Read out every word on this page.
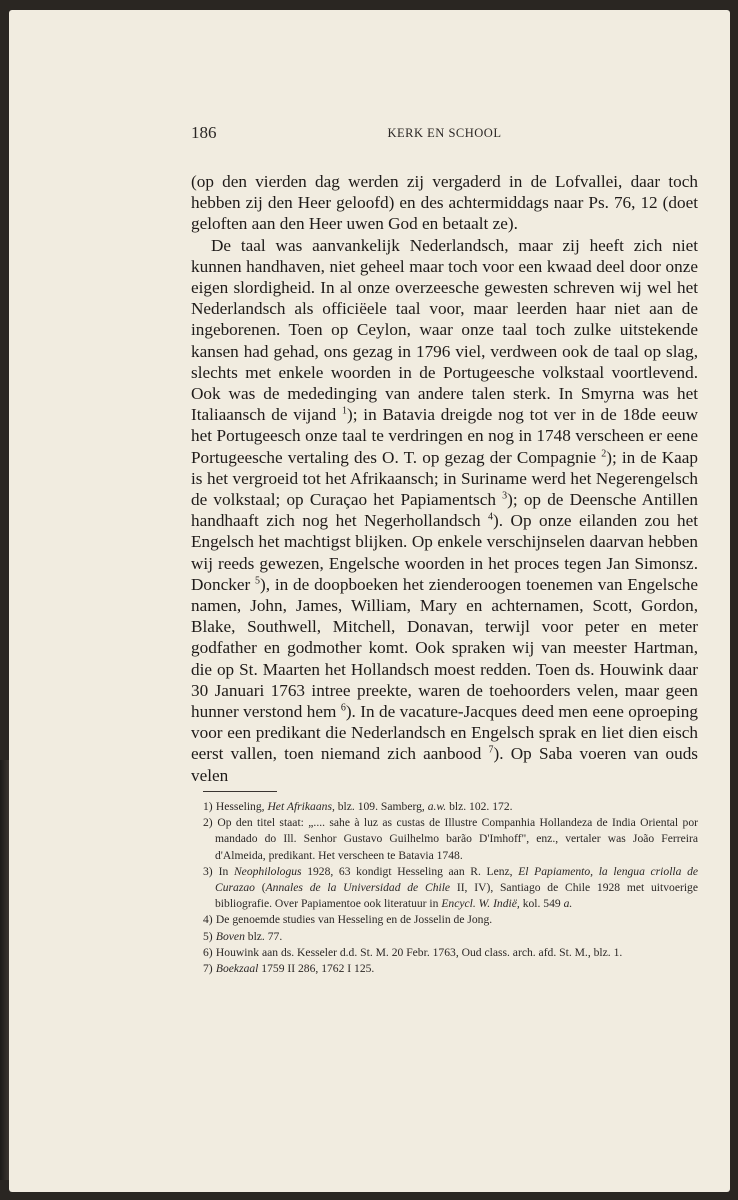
186	KERK EN SCHOOL

(op den vierden dag werden zij vergaderd in de Lofvallei, daar toch hebben zij den Heer geloofd) en des achtermiddags naar Ps. 76, 12 (doet geloften aan den Heer uwen God en betaalt ze).

De taal was aanvankelijk Nederlandsch, maar zij heeft zich niet kunnen handhaven, niet geheel maar toch voor een kwaad deel door onze eigen slordigheid. In al onze overzeesche gewesten schreven wij wel het Nederlandsch als officiëele taal voor, maar leerden haar niet aan de ingeborenen. Toen op Ceylon, waar onze taal toch zulke uitstekende kansen had gehad, ons gezag in 1796 viel, verdween ook de taal op slag, slechts met enkele woorden in de Portugeesche volkstaal voortlevend. Ook was de mededinging van andere talen sterk. In Smyrna was het Italiaansch de vijand $^1$); in Batavia dreigde nog tot ver in de 18de eeuw het Portugeesch onze taal te verdringen en nog in 1748 verscheen er eene Portugeesche vertaling des O. T. op gezag der Compagnie $^2$); in de Kaap is het vergroeid tot het Afrikaansch; in Suriname werd het Negerengelsch de volkstaal; op Curaçao het Papiamentsch $^3$); op de Deensche Antillen handhaaft zich nog het Negerhollandsch $^4$). Op onze eilanden zou het Engelsch het machtigst blijken. Op enkele verschijnselen daarvan hebben wij reeds gewezen, Engelsche woorden in het proces tegen Jan Simonsz. Doncker $^5$), in de doopboeken het zienderoogen toenemen van Engelsche namen, John, James, William, Mary en achternamen, Scott, Gordon, Blake, Southwell, Mitchell, Donavan, terwijl voor peter en meter godfather en godmother komt. Ook spraken wij van meester Hartman, die op St. Maarten het Hollandsch moest redden. Toen ds. Houwink daar 30 Januari 1763 intree preekte, waren de toehoorders velen, maar geen hunner verstond hem $^6$). In de vacature-Jacques deed men eene oproeping voor een predikant die Nederlandsch en Engelsch sprak en liet dien eisch eerst vallen, toen niemand zich aanbood $^7$). Op Saba voeren van ouds velen

1) Hesseling, Het Afrikaans, blz. 109. Samberg, a.w. blz. 102. 172.

2) Op den titel staat: „.... sahe à luz as custas de Illustre Companhia Hollandeza de India Oriental por mandado do Ill. Senhor Gustavo Guilhelmo barão D'Imhoff", enz., vertaler was João Ferreira d'Almeida, predikant. Het verscheen te Batavia 1748.

3) In Neophilologus 1928, 63 kondigt Hesseling aan R. Lenz, El Papiamento, la lengua criolla de Curazao (Annales de la Universidad de Chile II, IV), Santiago de Chile 1928 met uitvoerige bibliografie. Over Papiamentoe ook literatuur in Encycl. W. Indië, kol. 549 a.

4) De genoemde studies van Hesseling en de Josselin de Jong.

5) Boven blz. 77.

6) Houwink aan ds. Kesseler d.d. St. M. 20 Febr. 1763, Oud class. arch. afd. St. M., blz. 1.

7) Boekzaal 1759 II 286, 1762 I 125.
